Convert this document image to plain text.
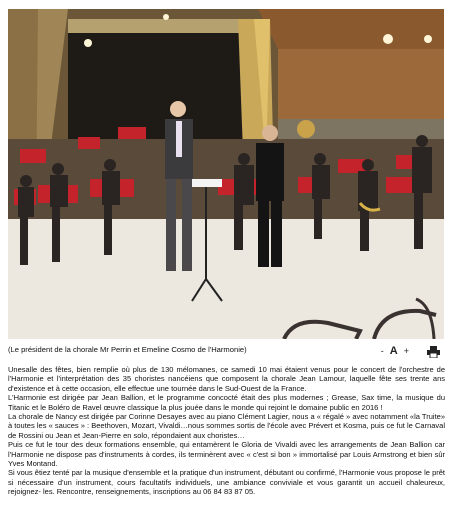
(Le président de la chorale Mr Perrin et Emeline Cosmo de l'Harmonie)	- A +

Unesalle des fêtes, bien remplie où plus de 130 mélomanes, ce samedi 10 mai étaient venus pour le concert de l'orchestre de l'Harmonie et l'interprétation des 35 choristes nancéiens que composent la chorale Jean Lamour, laquelle fête ses trente ans d'existence et à cette occasion, elle effectue une tournée dans le Sud-Ouest de la France.

L'Harmonie est dirigée par Jean Ballion, et le programme concocté était des plus modernes ; Grease, Sax time, la musique du Titanic et le Boléro de Ravel œuvre classique la plus jouée dans le monde qui rejoint le domaine public en 2016 !

La chorale de Nancy est dirigée par Corinne Desayes avec au piano Clément Lagier, nous a « régalé » avec notamment «la Truite» à toutes les « sauces » : Beethoven, Mozart, Vivaldi…nous sommes sortis de l'école avec Prévert et Kosma, puis ce fut le Carnaval de Rossini ou Jean et Jean-Pierre en solo, répondaient aux choristes…

Puis ce fut le tour des deux formations ensemble, qui entamèrent le Gloria de Vivaldi avec les arrangements de Jean Ballion car l'Harmonie ne dispose pas d'instruments à cordes, ils terminèrent avec « c'est si bon » immortalisé par Louis Armstrong et bien sûr Yves Montand.

Si vous êtiez tenté par la musique d'ensemble et la pratique d'un instrument, débutant ou confirmé, l'Harmonie vous propose le prêt si nécessaire d'un instrument, cours facultatifs individuels, une ambiance conviviale et vous garantit un accueil chaleureux, rejoignez- les. Rencontre, renseignements, inscriptions au 06 84 83 87 05.
